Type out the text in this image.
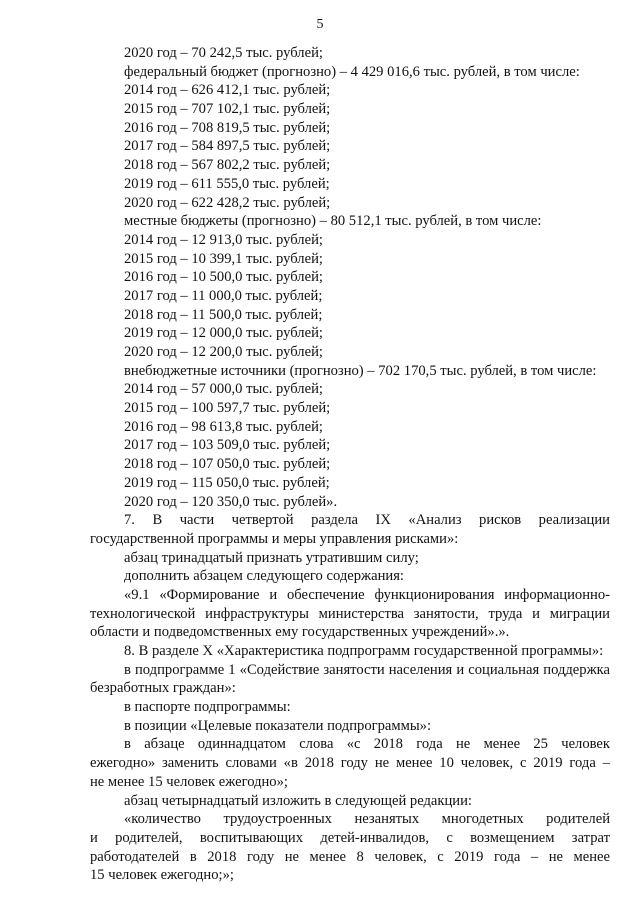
5
2020 год – 70 242,5 тыс. рублей;
федеральный бюджет (прогнозно) – 4 429 016,6 тыс. рублей, в том числе:
2014 год – 626 412,1 тыс. рублей;
2015 год – 707 102,1 тыс. рублей;
2016 год – 708 819,5 тыс. рублей;
2017 год – 584 897,5 тыс. рублей;
2018 год – 567 802,2 тыс. рублей;
2019 год – 611 555,0 тыс. рублей;
2020 год – 622 428,2 тыс. рублей;
местные бюджеты (прогнозно) – 80 512,1 тыс. рублей, в том числе:
2014 год – 12 913,0 тыс. рублей;
2015 год – 10 399,1 тыс. рублей;
2016 год – 10 500,0 тыс. рублей;
2017 год – 11 000,0 тыс. рублей;
2018 год – 11 500,0 тыс. рублей;
2019 год – 12 000,0 тыс. рублей;
2020 год – 12 200,0 тыс. рублей;
внебюджетные источники (прогнозно) – 702 170,5 тыс. рублей, в том числе:
2014 год – 57 000,0 тыс. рублей;
2015 год – 100 597,7 тыс. рублей;
2016 год – 98 613,8 тыс. рублей;
2017 год – 103 509,0 тыс. рублей;
2018 год – 107 050,0 тыс. рублей;
2019 год – 115 050,0 тыс. рублей;
2020 год – 120 350,0 тыс. рублей».
7. В части четвертой раздела IX «Анализ рисков реализации
государственной программы и меры управления рисками»:
абзац тринадцатый признать утратившим силу;
дополнить абзацем следующего содержания:
«9.1 «Формирование и обеспечение функционирования информационно-
технологической инфраструктуры министерства занятости, труда и миграции
области и подведомственных ему государственных учреждений».».
8. В разделе X «Характеристика подпрограмм государственной программы»:
в подпрограмме 1 «Содействие занятости населения и социальная поддержка
безработных граждан»:
в паспорте подпрограммы:
в позиции «Целевые показатели подпрограммы»:
в абзаце одиннадцатом слова «с 2018 года не менее 25 человек
ежегодно» заменить словами «в 2018 году не менее 10 человек, с 2019 года –
не менее 15 человек ежегодно»;
абзац четырнадцатый изложить в следующей редакции:
«количество трудоустроенных незанятых многодетных родителей
и родителей, воспитывающих детей-инвалидов, с возмещением затрат
работодателей в 2018 году не менее 8 человек, с 2019 года – не менее
15 человек ежегодно;»;
